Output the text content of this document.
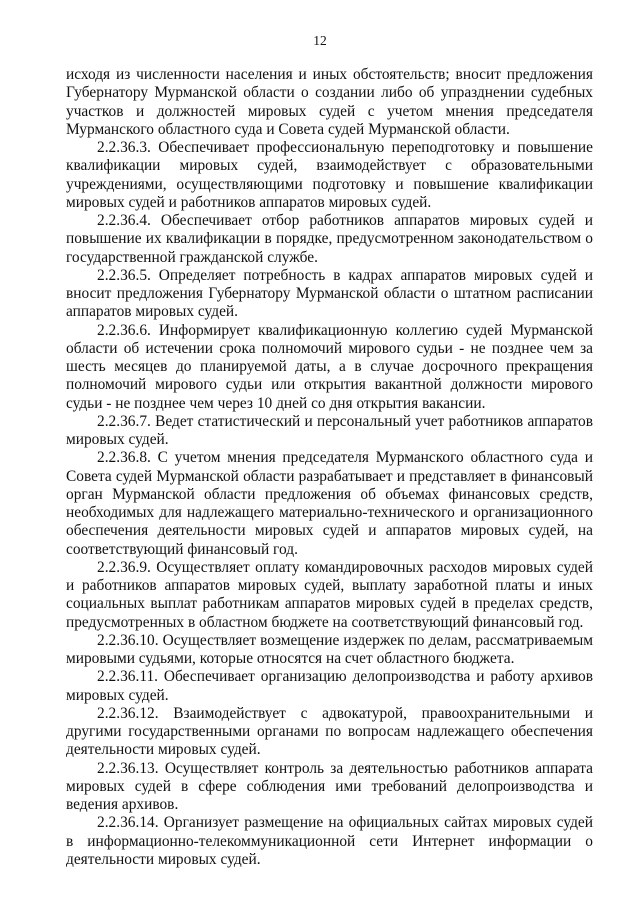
12

исходя из численности населения и иных обстоятельств; вносит предложения Губернатору Мурманской области о создании либо об упразднении судебных участков и должностей мировых судей с учетом мнения председателя Мурманского областного суда и Совета судей Мурманской области.

2.2.36.3. Обеспечивает профессиональную переподготовку и повышение квалификации мировых судей, взаимодействует с образовательными учреждениями, осуществляющими подготовку и повышение квалификации мировых судей и работников аппаратов мировых судей.

2.2.36.4. Обеспечивает отбор работников аппаратов мировых судей и повышение их квалификации в порядке, предусмотренном законодательством о государственной гражданской службе.

2.2.36.5. Определяет потребность в кадрах аппаратов мировых судей и вносит предложения Губернатору Мурманской области о штатном расписании аппаратов мировых судей.

2.2.36.6. Информирует квалификационную коллегию судей Мурманской области об истечении срока полномочий мирового судьи - не позднее чем за шесть месяцев до планируемой даты, а в случае досрочного прекращения полномочий мирового судьи или открытия вакантной должности мирового судьи - не позднее чем через 10 дней со дня открытия вакансии.

2.2.36.7. Ведет статистический и персональный учет работников аппаратов мировых судей.

2.2.36.8. С учетом мнения председателя Мурманского областного суда и Совета судей Мурманской области разрабатывает и представляет в финансовый орган Мурманской области предложения об объемах финансовых средств, необходимых для надлежащего материально-технического и организационного обеспечения деятельности мировых судей и аппаратов мировых судей, на соответствующий финансовый год.

2.2.36.9. Осуществляет оплату командировочных расходов мировых судей и работников аппаратов мировых судей, выплату заработной платы и иных социальных выплат работникам аппаратов мировых судей в пределах средств, предусмотренных в областном бюджете на соответствующий финансовый год.

2.2.36.10. Осуществляет возмещение издержек по делам, рассматриваемым мировыми судьями, которые относятся на счет областного бюджета.

2.2.36.11. Обеспечивает организацию делопроизводства и работу архивов мировых судей.

2.2.36.12. Взаимодействует с адвокатурой, правоохранительными и другими государственными органами по вопросам надлежащего обеспечения деятельности мировых судей.

2.2.36.13. Осуществляет контроль за деятельностью работников аппарата мировых судей в сфере соблюдения ими требований делопроизводства и ведения архивов.

2.2.36.14. Организует размещение на официальных сайтах мировых судей в информационно-телекоммуникационной сети Интернет информации о деятельности мировых судей.
